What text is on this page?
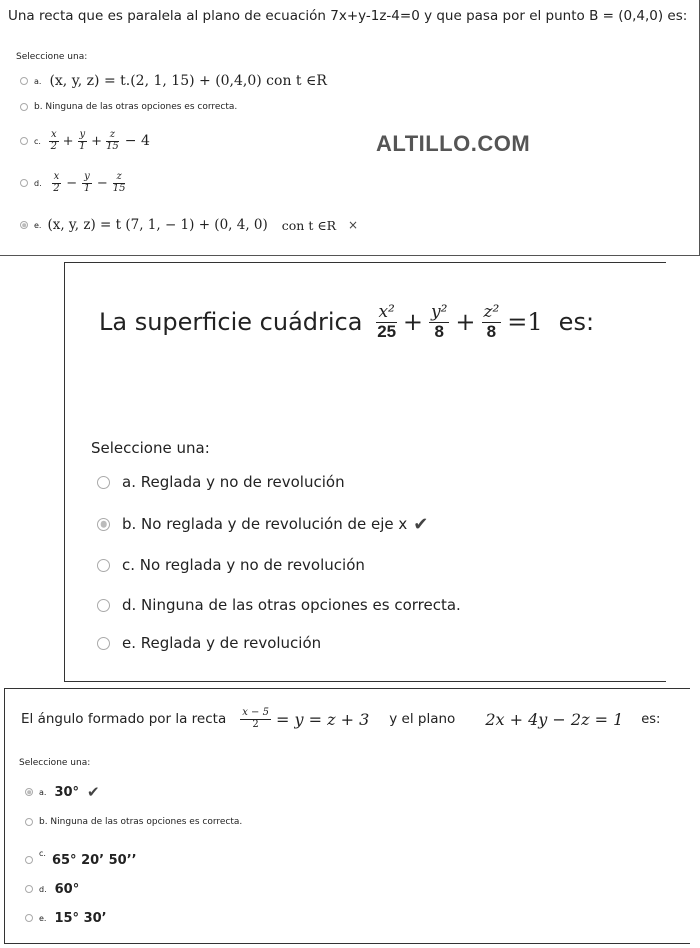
Una recta que es paralela al plano de ecuación 7x+y-1z-4=0 y que pasa por el punto B = (0,4,0) es:
Seleccione una:
a. (x, y, z) = t.(2, 1, 15) + (0,4,0) con t ∈R
b. Ninguna de las otras opciones es correcta.
c. $\frac{x}{2} + \frac{y}{1} + \frac{z}{15} - 4$
d. $\frac{x}{2} - \frac{y}{1} - \frac{z}{15}$
e. (x, y, z) = t (7, 1, − 1) + (0, 4, 0) con t ∈R ×
ALTILLO.COM
La superficie cuádrica $\frac{\text{x²}}{25} + \frac{\text{y²}}{8} + \frac{\text{z²}}{8} =1$ es:
Seleccione una:
a. Reglada y no de revolución
b. No reglada y de revolución de eje x ✔
c. No reglada y no de revolución
d. Ninguna de las otras opciones es correcta.
e. Reglada y de revolución
El ángulo formado por la recta $\frac{x - 5}{2} = y = z + 3$ y el plano 2x + 4y − 2z = 1 es:
Seleccione una:
a. 30° ✔
b. Ninguna de las otras opciones es correcta.
c. 65° 20’ 50’’
d. 60°
e. 15° 30’
